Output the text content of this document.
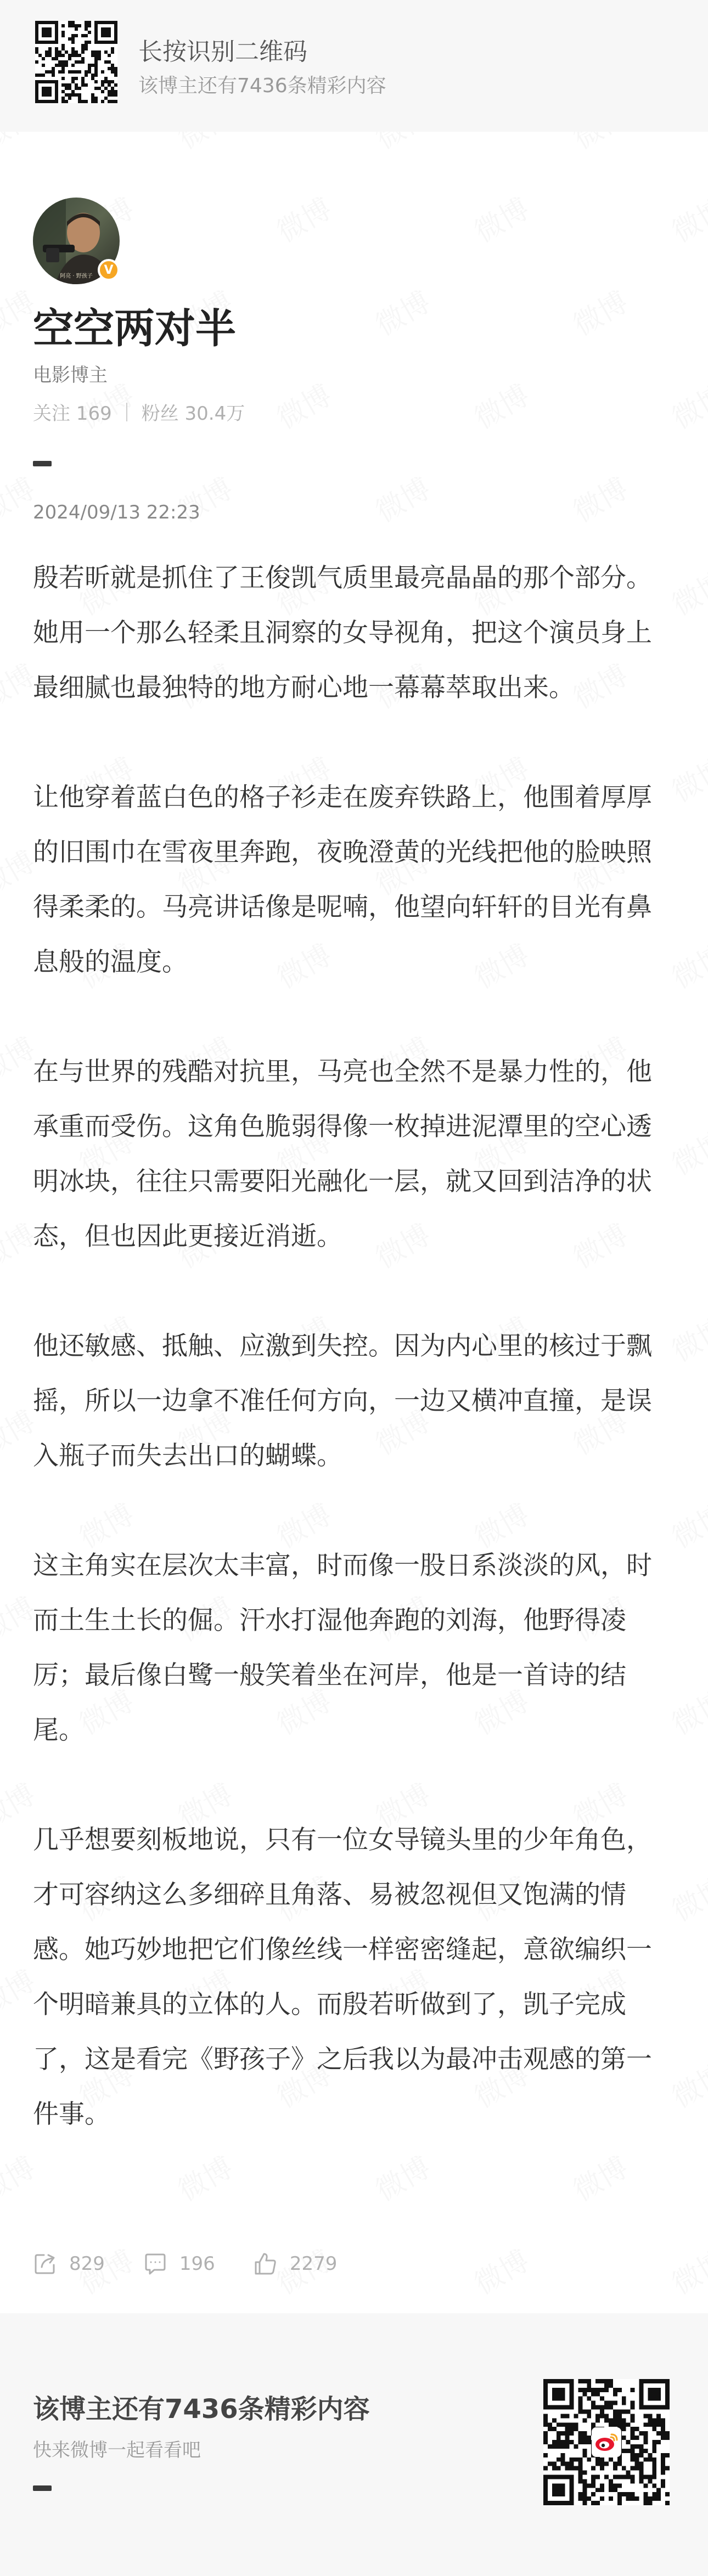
长按识别二维码
该博主还有7436条精彩内容
阿亮 · 野孩子 V
空空两对半
电影博主
关注 169 粉丝 30.4万
2024/09/13 22:23

殷若昕就是抓住了王俊凯气质里最亮晶晶的那个部分。她用一个那么轻柔且洞察的女导视角，把这个演员身上最细腻也最独特的地方耐心地一幕幕萃取出来。

让他穿着蓝白色的格子衫走在废弃铁路上，他围着厚厚的旧围巾在雪夜里奔跑，夜晚澄黄的光线把他的脸映照得柔柔的。马亮讲话像是呢喃，他望向轩轩的目光有鼻息般的温度。

在与世界的残酷对抗里，马亮也全然不是暴力性的，他承重而受伤。这角色脆弱得像一枚掉进泥潭里的空心透明冰块，往往只需要阳光融化一层，就又回到洁净的状态，但也因此更接近消逝。

他还敏感、抵触、应激到失控。因为内心里的核过于飘摇，所以一边拿不准任何方向，一边又横冲直撞，是误入瓶子而失去出口的蝴蝶。

这主角实在层次太丰富，时而像一股日系淡淡的风，时而土生土长的倔。汗水打湿他奔跑的刘海，他野得凌厉；最后像白鹭一般笑着坐在河岸，他是一首诗的结尾。

几乎想要刻板地说，只有一位女导镜头里的少年角色，才可容纳这么多细碎且角落、易被忽视但又饱满的情感。她巧妙地把它们像丝线一样密密缝起，意欲编织一个明暗兼具的立体的人。而殷若昕做到了，凯子完成了，这是看完《野孩子》之后我以为最冲击观感的第一件事。

829	196	2279
该博主还有7436条精彩内容
快来微博一起看看吧
